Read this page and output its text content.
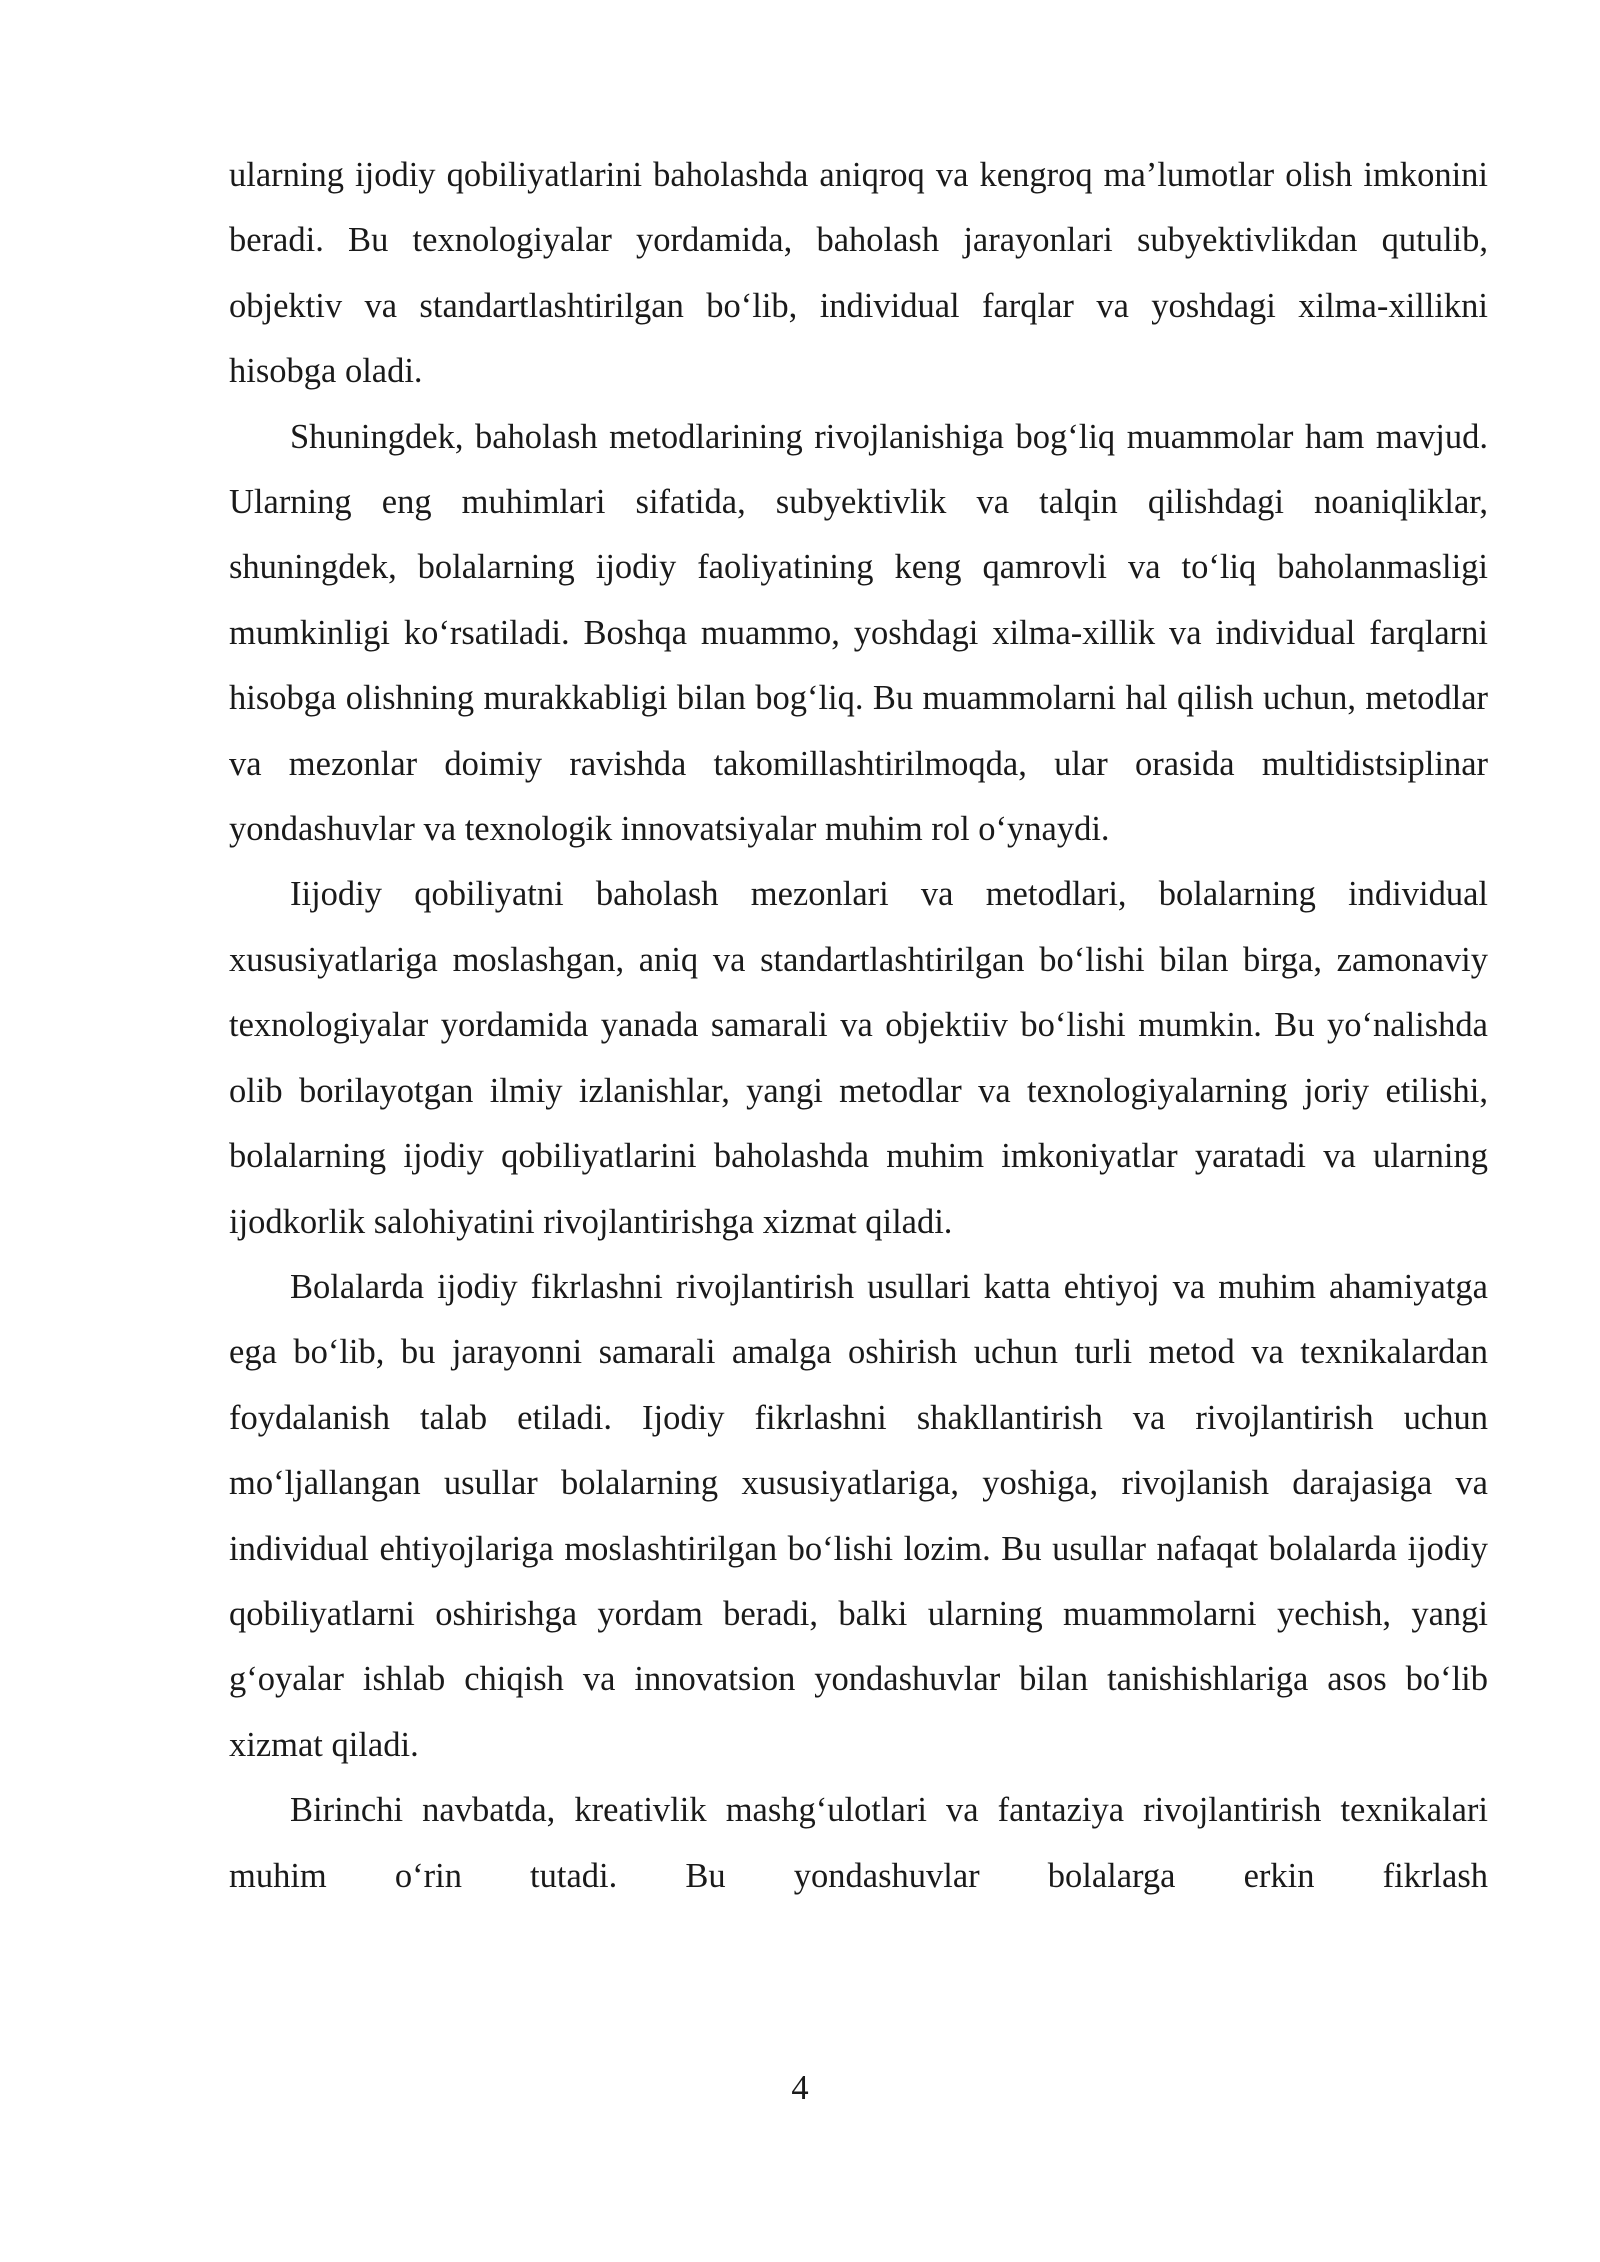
ularning ijodiy qobiliyatlarini baholashda aniqroq va kengroq ma’lumotlar olish imkonini beradi. Bu texnologiyalar yordamida, baholash jarayonlari subyektivlikdan qutulib, objektiv va standartlashtirilgan bo‘lib, individual farqlar va yoshdagi xilma-xillikni hisobga oladi.

Shuningdek, baholash metodlarining rivojlanishiga bog‘liq muammolar ham mavjud. Ularning eng muhimlari sifatida, subyektivlik va talqin qilishdagi noaniqliklar, shuningdek, bolalarning ijodiy faoliyatining keng qamrovli va to‘liq baholanmasligi mumkinligi ko‘rsatiladi. Boshqa muammo, yoshdagi xilma-xillik va individual farqlarni hisobga olishning murakkabligi bilan bog‘liq. Bu muammolarni hal qilish uchun, metodlar va mezonlar doimiy ravishda takomillashtirilmoqda, ular orasida multidistsiplinar yondashuvlar va texnologik innovatsiyalar muhim rol o‘ynaydi.

Iijodiy qobiliyatni baholash mezonlari va metodlari, bolalarning individual xususiyatlariga moslashgan, aniq va standartlashtirilgan bo‘lishi bilan birga, zamonaviy texnologiyalar yordamida yanada samarali va objektiiv bo‘lishi mumkin. Bu yo‘nalishda olib borilayotgan ilmiy izlanishlar, yangi metodlar va texnologiyalarning joriy etilishi, bolalarning ijodiy qobiliyatlarini baholashda muhim imkoniyatlar yaratadi va ularning ijodkorlik salohiyatini rivojlantirishga xizmat qiladi.

Bolalarda ijodiy fikrlashni rivojlantirish usullari katta ehtiyoj va muhim ahamiyatga ega bo‘lib, bu jarayonni samarali amalga oshirish uchun turli metod va texnikalardan foydalanish talab etiladi. Ijodiy fikrlashni shakllantirish va rivojlantirish uchun mo‘ljallangan usullar bolalarning xususiyatlariga, yoshiga, rivojlanish darajasiga va individual ehtiyojlariga moslashtirilgan bo‘lishi lozim. Bu usullar nafaqat bolalarda ijodiy qobiliyatlarni oshirishga yordam beradi, balki ularning muammolarni yechish, yangi g‘oyalar ishlab chiqish va innovatsion yondashuvlar bilan tanishishlariga asos bo‘lib xizmat qiladi.

Birinchi navbatda, kreativlik mashg‘ulotlari va fantaziya rivojlantirish texnikalari muhim o‘rin tutadi. Bu yondashuvlar bolalarga erkin fikrlash

4
